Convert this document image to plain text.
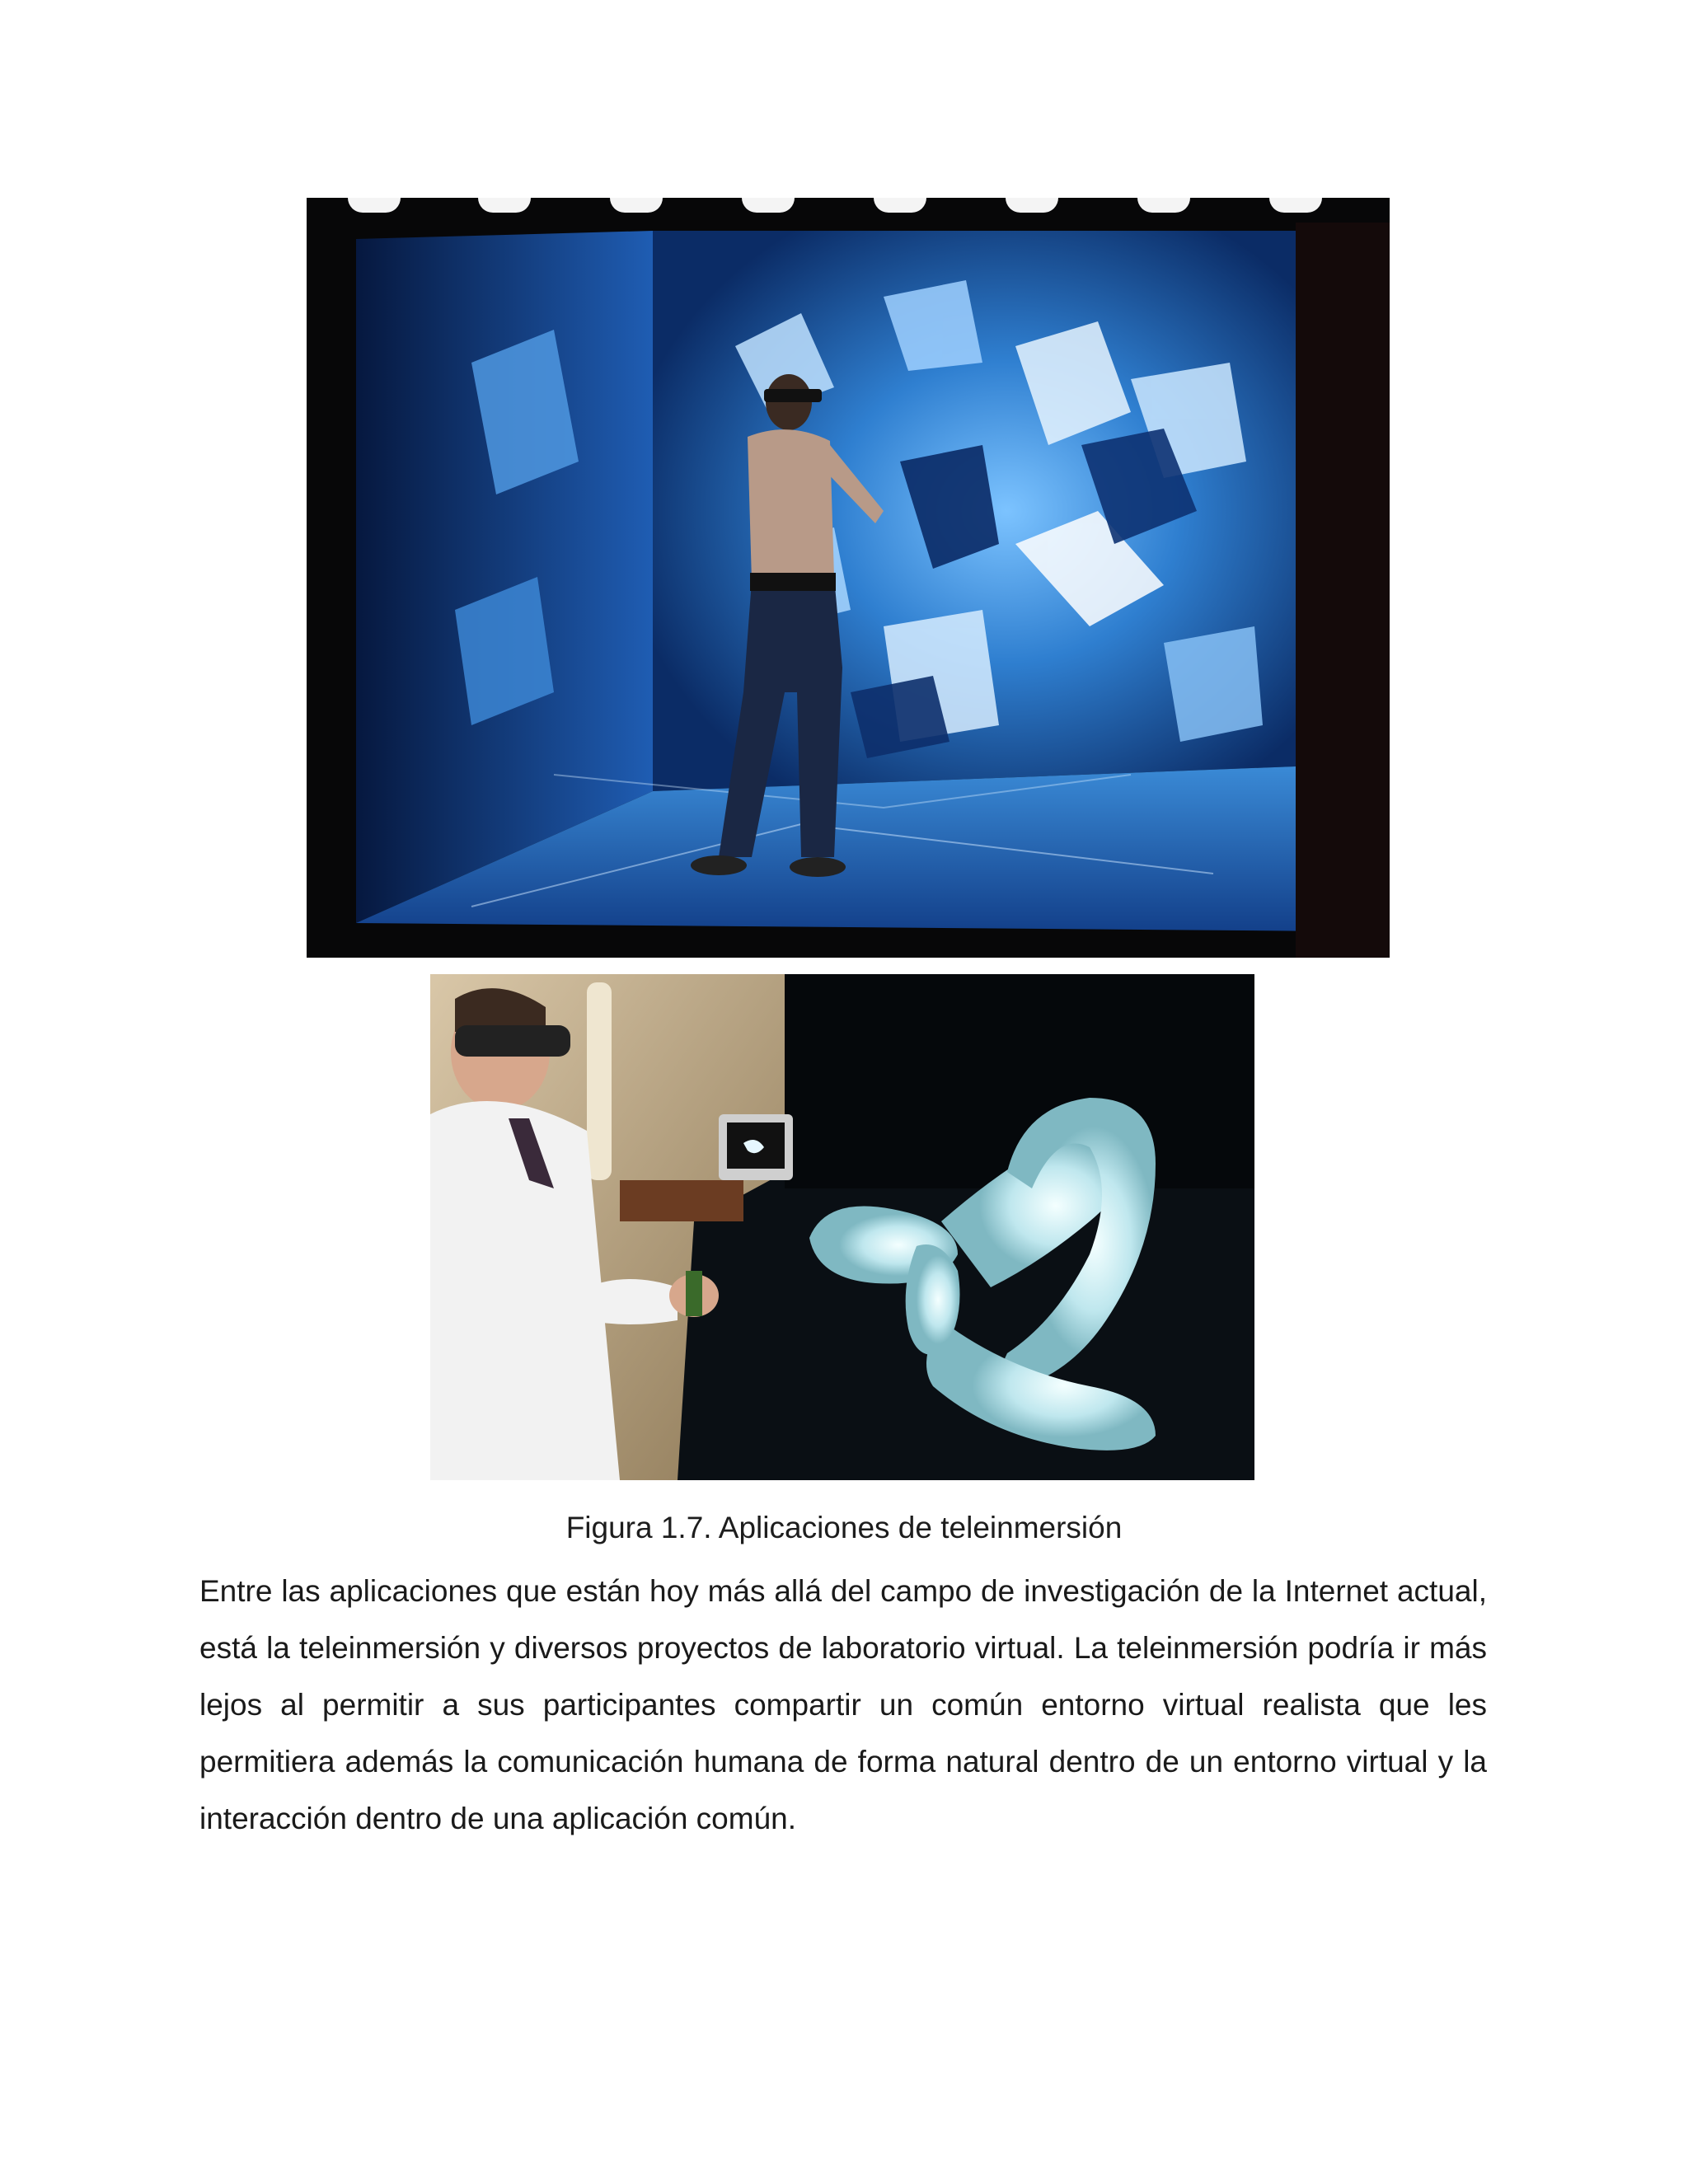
Figura 1.7. Aplicaciones de teleinmersión

Entre las aplicaciones que están hoy más allá del campo de investigación de la Internet actual, está la teleinmersión y diversos proyectos de laboratorio virtual. La teleinmersión podría ir más lejos al permitir a sus participantes compartir un común entorno virtual realista que les permitiera además la comunicación humana de forma natural dentro de un entorno virtual y la interacción dentro de una aplicación común.
